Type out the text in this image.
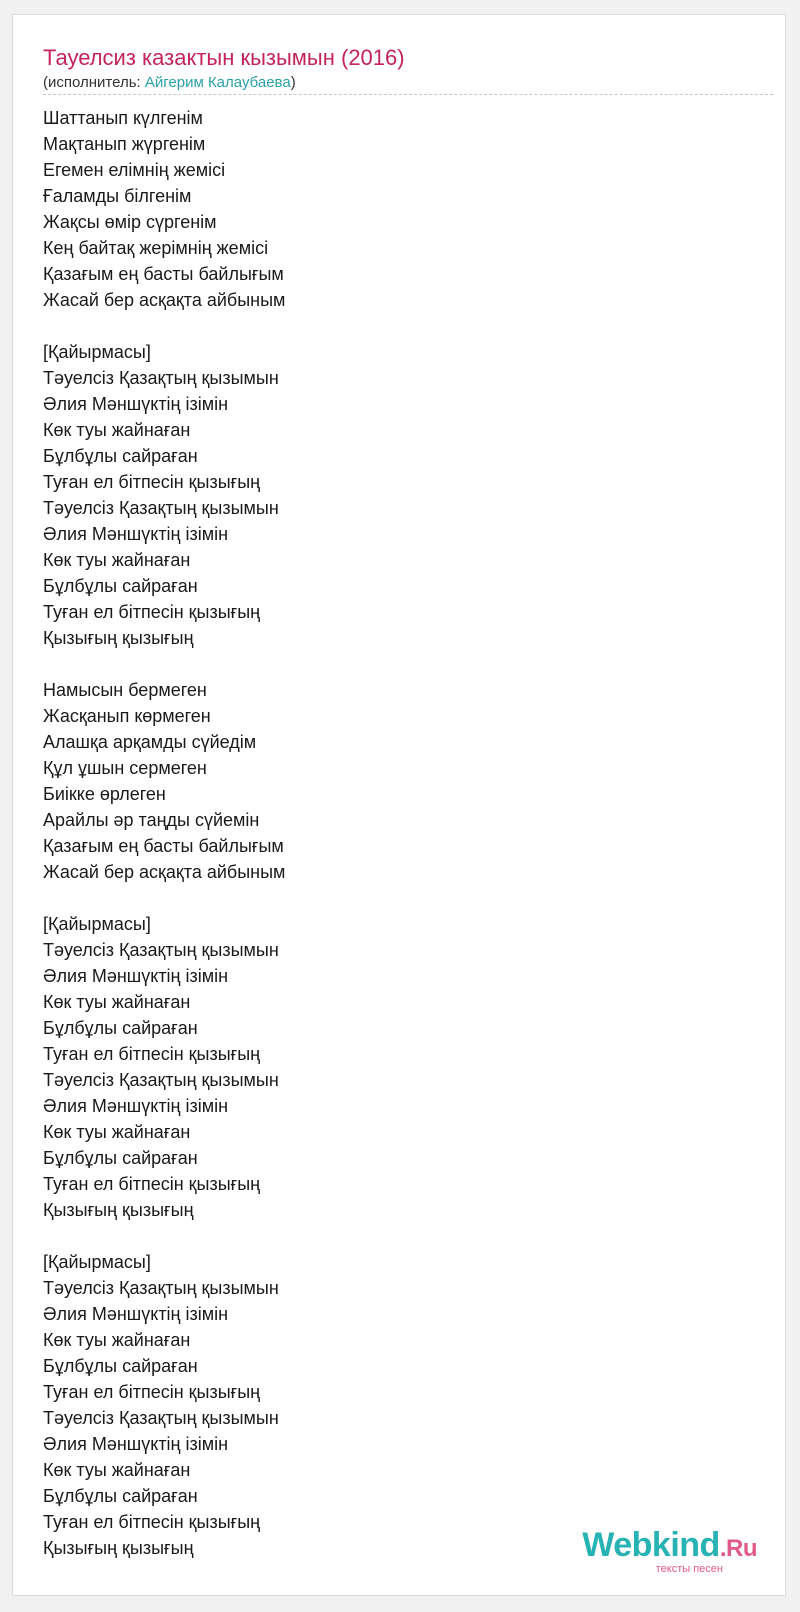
Тауелсиз казактын кызымын (2016)
(исполнитель: Айгерим Калаубаева)
Шаттанып күлгенім
Мақтанып жүргенім
Егемен елімнің жемісі
Ғаламды білгенім
Жақсы өмір сүргенім
Кең байтақ жерімнің жемісі
Қазағым ең басты байлығым
Жасай бер асқақта айбыным
[Қайырмасы]
Тәуелсіз Қазақтың қызымын
Әлия Мәншүктің ізімін
Көк туы жайнаған
Бұлбұлы сайраған
Туған ел бітпесін қызығың
Тәуелсіз Қазақтың қызымын
Әлия Мәншүктің ізімін
Көк туы жайнаған
Бұлбұлы сайраған
Туған ел бітпесін қызығың
Қызығың қызығың
Намысын бермеген
Жасқанып көрмеген
Алашқа арқамды сүйедім
Құл ұшын сермеген
Биікке өрлеген
Арайлы әр таңды сүйемін
Қазағым ең басты байлығым
Жасай бер асқақта айбыным
[Қайырмасы]
Тәуелсіз Қазақтың қызымын
Әлия Мәншүктің ізімін
Көк туы жайнаған
Бұлбұлы сайраған
Туған ел бітпесін қызығың
Тәуелсіз Қазақтың қызымын
Әлия Мәншүктің ізімін
Көк туы жайнаған
Бұлбұлы сайраған
Туған ел бітпесін қызығың
Қызығың қызығың
[Қайырмасы]
Тәуелсіз Қазақтың қызымын
Әлия Мәншүктің ізімін
Көк туы жайнаған
Бұлбұлы сайраған
Туған ел бітпесін қызығың
Тәуелсіз Қазақтың қызымын
Әлия Мәншүктің ізімін
Көк туы жайнаған
Бұлбұлы сайраған
Туған ел бітпесін қызығың
Қызығың қызығың	Webkind.Ru
тексты песен
